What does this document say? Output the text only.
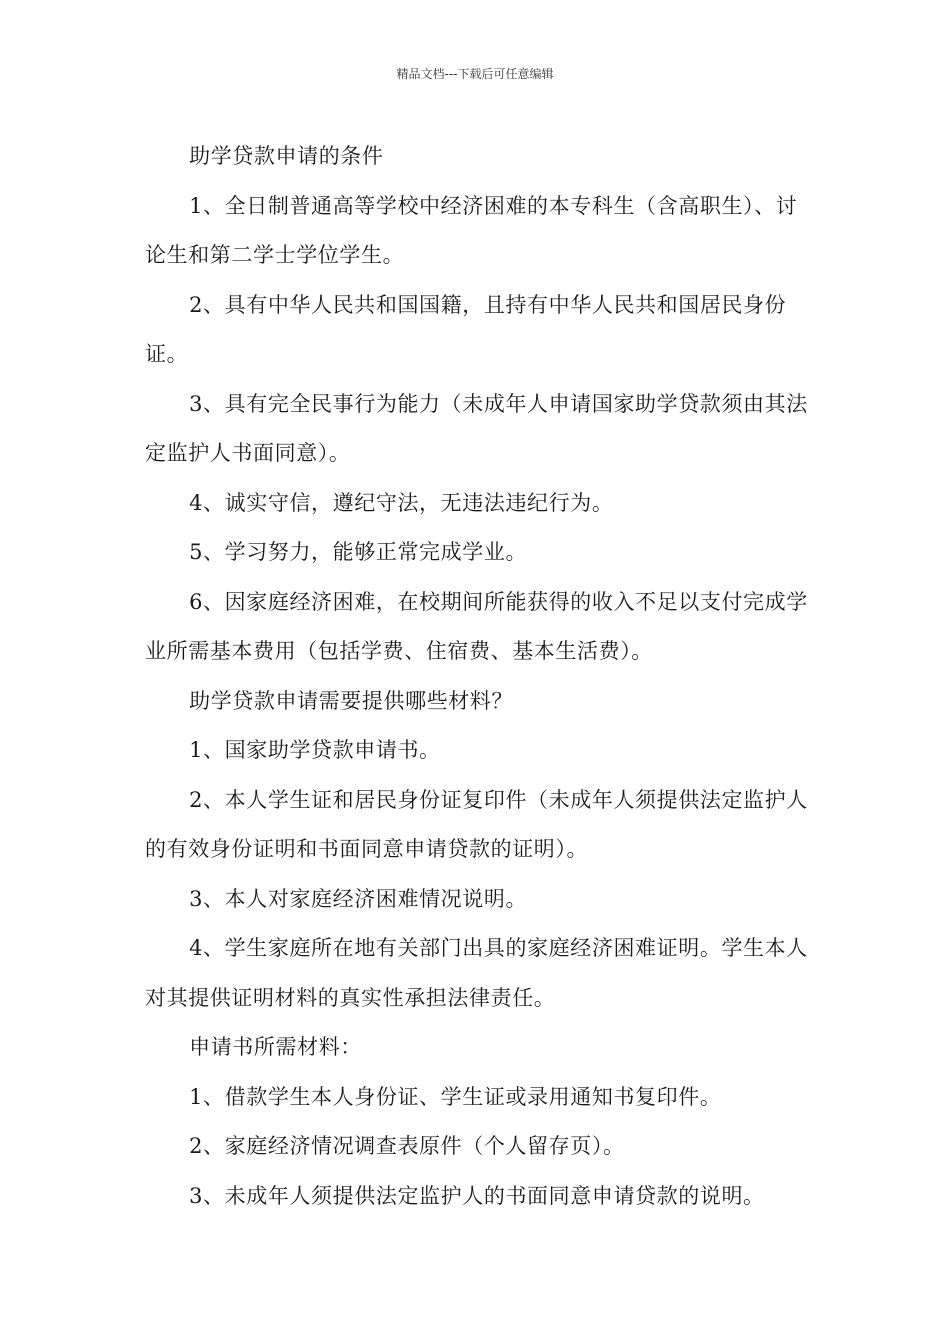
精品文档---下载后可任意编辑

助学贷款申请的条件

1、全日制普通高等学校中经济困难的本专科生（含高职生）、讨论生和第二学士学位学生。

2、具有中华人民共和国国籍，且持有中华人民共和国居民身份证。

3、具有完全民事行为能力（未成年人申请国家助学贷款须由其法定监护人书面同意）。

4、诚实守信，遵纪守法，无违法违纪行为。

5、学习努力，能够正常完成学业。

6、因家庭经济困难，在校期间所能获得的收入不足以支付完成学业所需基本费用（包括学费、住宿费、基本生活费）。

助学贷款申请需要提供哪些材料？

1、国家助学贷款申请书。

2、本人学生证和居民身份证复印件（未成年人须提供法定监护人的有效身份证明和书面同意申请贷款的证明）。

3、本人对家庭经济困难情况说明。

4、学生家庭所在地有关部门出具的家庭经济困难证明。学生本人对其提供证明材料的真实性承担法律责任。

申请书所需材料：

1、借款学生本人身份证、学生证或录用通知书复印件。

2、家庭经济情况调查表原件（个人留存页）。

3、未成年人须提供法定监护人的书面同意申请贷款的说明。
